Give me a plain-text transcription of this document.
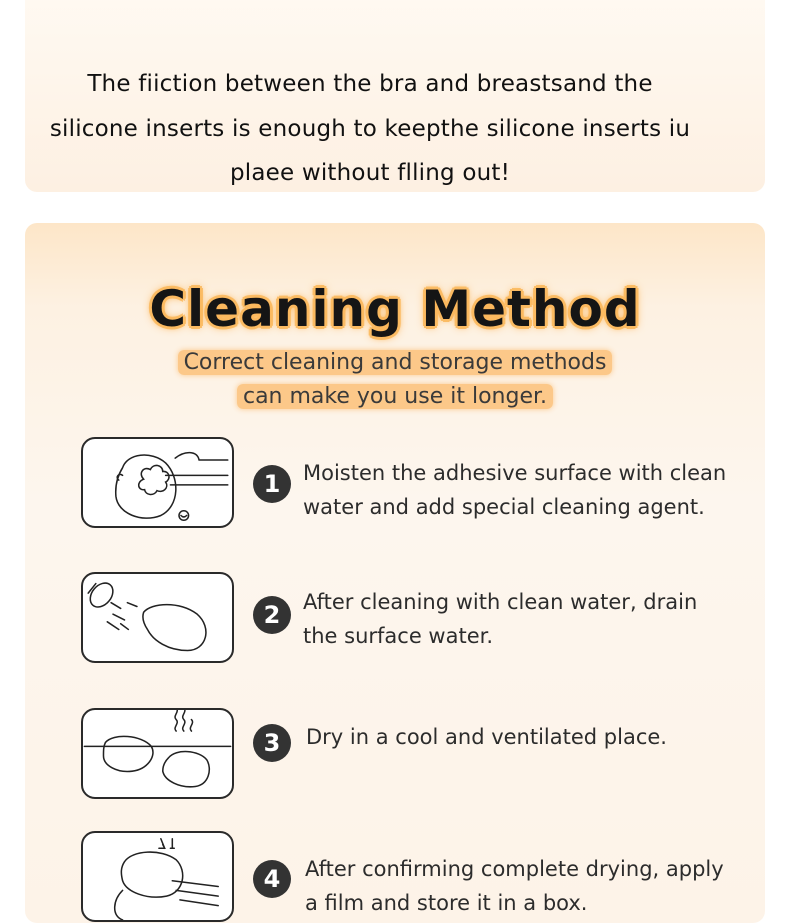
The fiiction between the bra and breastsand the silicone inserts is enough to keepthe silicone inserts iu plaee without flling out!
Cleaning Method
Correct cleaning and storage methods
can make you use it longer.
1	Moisten the adhesive surface with clean water and add special cleaning agent.
2	After cleaning with clean water, drain the surface water.
3	Dry in a cool and ventilated place.
4	After confirming complete drying, apply a film and store it in a box.
